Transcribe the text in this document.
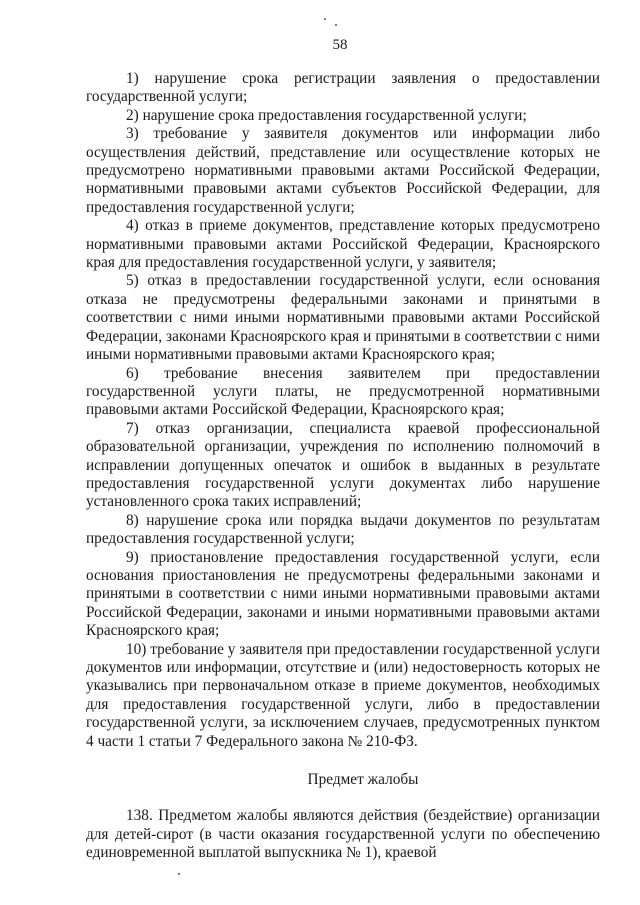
58

1) нарушение срока регистрации заявления о предоставлении государственной услуги;

2) нарушение срока предоставления государственной услуги;

3) требование у заявителя документов или информации либо осуществления действий, представление или осуществление которых не предусмотрено нормативными правовыми актами Российской Федерации, нормативными правовыми актами субъектов Российской Федерации, для предоставления государственной услуги;

4) отказ в приеме документов, представление которых предусмотрено нормативными правовыми актами Российской Федерации, Красноярского края для предоставления государственной услуги, у заявителя;

5) отказ в предоставлении государственной услуги, если основания отказа не предусмотрены федеральными законами и принятыми в соответствии с ними иными нормативными правовыми актами Российской Федерации, законами Красноярского края и принятыми в соответствии с ними иными нормативными правовыми актами Красноярского края;

6) требование внесения заявителем при предоставлении государственной услуги платы, не предусмотренной нормативными правовыми актами Российской Федерации, Красноярского края;

7) отказ организации, специалиста краевой профессиональной образовательной организации, учреждения по исполнению полномочий в исправлении допущенных опечаток и ошибок в выданных в результате предоставления государственной услуги документах либо нарушение установленного срока таких исправлений;

8) нарушение срока или порядка выдачи документов по результатам предоставления государственной услуги;

9) приостановление предоставления государственной услуги, если основания приостановления не предусмотрены федеральными законами и принятыми в соответствии с ними иными нормативными правовыми актами Российской Федерации, законами и иными нормативными правовыми актами Красноярского края;

10) требование у заявителя при предоставлении государственной услуги документов или информации, отсутствие и (или) недостоверность которых не указывались при первоначальном отказе в приеме документов, необходимых для предоставления государственной услуги, либо в предоставлении государственной услуги, за исключением случаев, предусмотренных пунктом 4 части 1 статьи 7 Федерального закона № 210-ФЗ.

Предмет жалобы

138. Предметом жалобы являются действия (бездействие) организации для детей-сирот (в части оказания государственной услуги по обеспечению единовременной выплатой выпускника № 1), краевой
